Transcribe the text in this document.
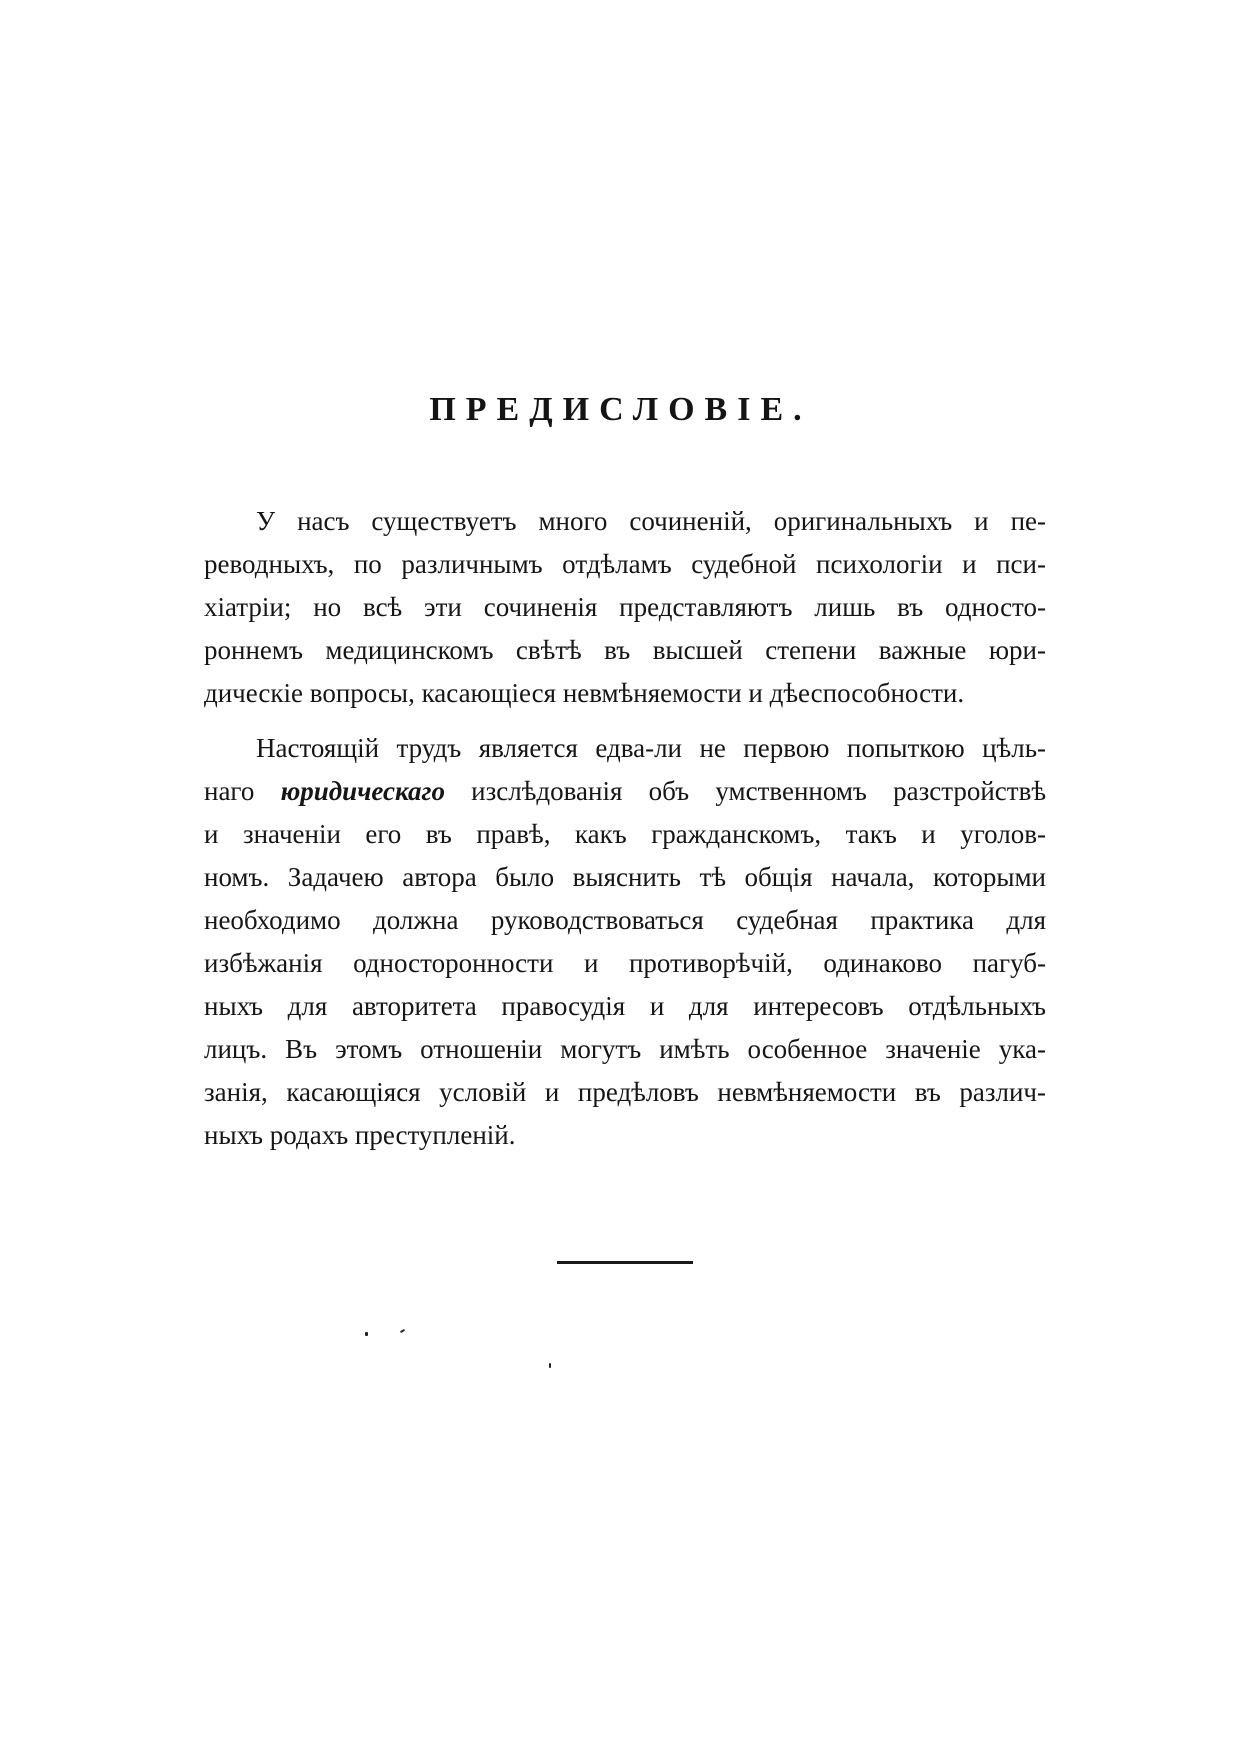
ПРЕДИСЛОВІЕ.
У насъ существуетъ много сочиненій, оригинальныхъ и пе-
реводныхъ, по различнымъ отдѣламъ судебной психологіи и пси-
хіатріи; но всѣ эти сочиненія представляютъ лишь въ односто-
роннемъ медицинскомъ свѣтѣ въ высшей степени важные юри-
дическіе вопросы, касающіеся невмѣняемости и дѣеспособности.
Настоящій трудъ является едва-ли не первою попыткою цѣль-
наго юридическаго изслѣдованія объ умственномъ разстройствѣ
и значеніи его въ правѣ, какъ гражданскомъ, такъ и уголов-
номъ. Задачею автора было выяснить тѣ общія начала, которыми
необходимо должна руководствоваться судебная практика для
избѣжанія односторонности и противорѣчій, одинаково пагуб-
ныхъ для авторитета правосудія и для интересовъ отдѣльныхъ
лицъ. Въ этомъ отношеніи могутъ имѣть особенное значеніе ука-
занія, касающіяся условій и предѣловъ невмѣняемости въ различ-
ныхъ родахъ преступленій.
